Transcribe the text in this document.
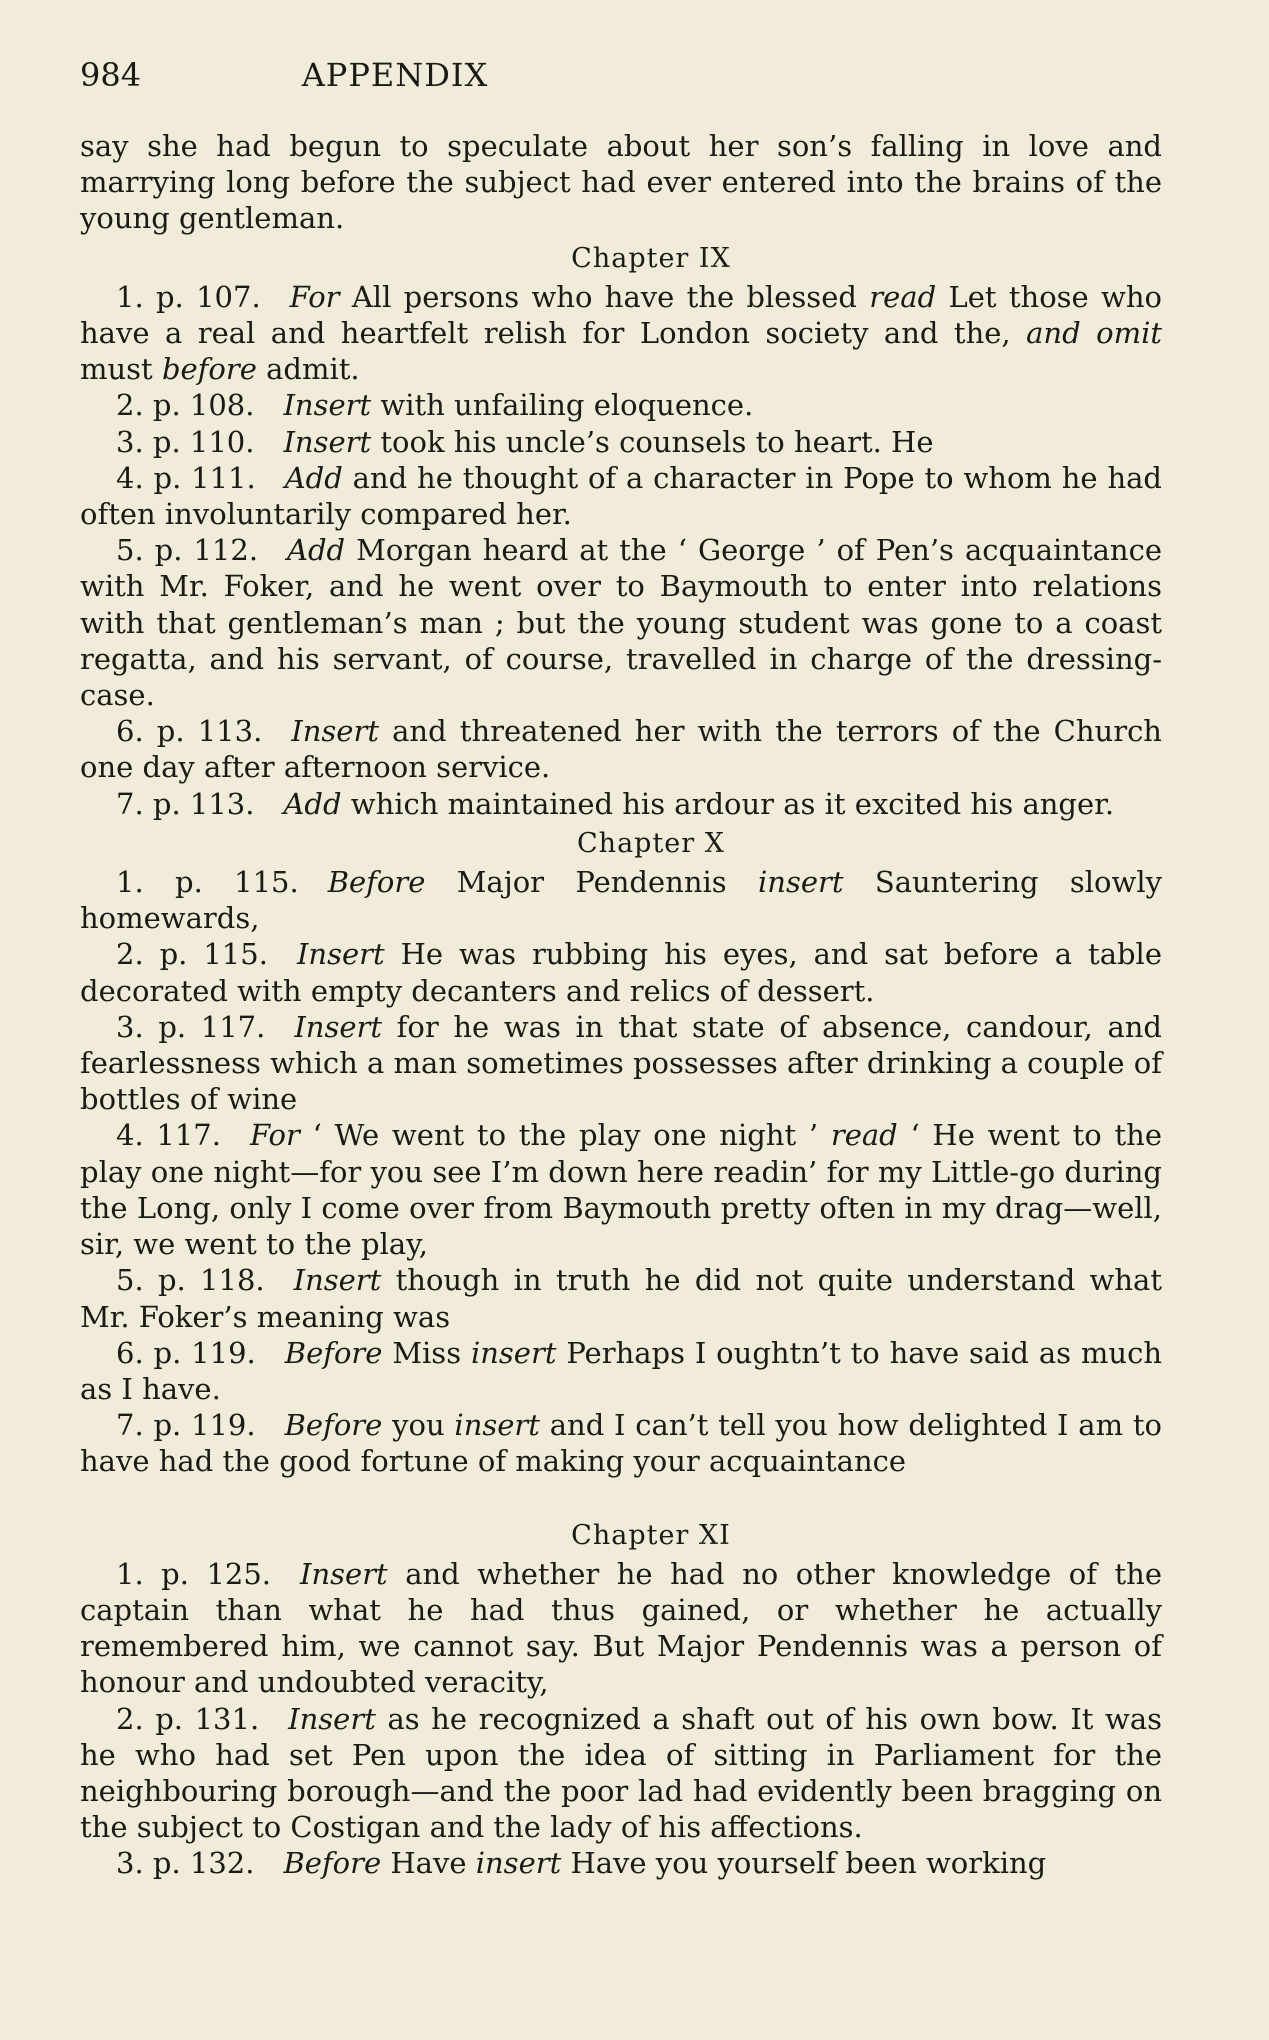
984	APPENDIX

say she had begun to speculate about her son’s falling in love and marrying long before the subject had ever entered into the brains of the young gentleman.

Chapter IX

1. p. 107. For All persons who have the blessed read Let those who have a real and heartfelt relish for London society and the, and omit must before admit.

2. p. 108. Insert with unfailing eloquence.

3. p. 110. Insert took his uncle’s counsels to heart. He

4. p. 111. Add and he thought of a character in Pope to whom he had often involuntarily compared her.

5. p. 112. Add Morgan heard at the ‘ George ’ of Pen’s acquaintance with Mr. Foker, and he went over to Baymouth to enter into relations with that gentleman’s man ; but the young student was gone to a coast regatta, and his servant, of course, travelled in charge of the dressing-case.

6. p. 113. Insert and threatened her with the terrors of the Church one day after afternoon service.

7. p. 113. Add which maintained his ardour as it excited his anger.

Chapter X

1. p. 115. Before Major Pendennis insert Sauntering slowly homewards,

2. p. 115. Insert He was rubbing his eyes, and sat before a table decorated with empty decanters and relics of dessert.

3. p. 117. Insert for he was in that state of absence, candour, and fearlessness which a man sometimes possesses after drinking a couple of bottles of wine

4. 117. For ‘ We went to the play one night ’ read ‘ He went to the play one night—for you see I’m down here readin’ for my Little-go during the Long, only I come over from Baymouth pretty often in my drag—well, sir, we went to the play,

5. p. 118. Insert though in truth he did not quite understand what Mr. Foker’s meaning was

6. p. 119. Before Miss insert Perhaps I oughtn’t to have said as much as I have.

7. p. 119. Before you insert and I can’t tell you how delighted I am to have had the good fortune of making your acquaintance

Chapter XI

1. p. 125. Insert and whether he had no other knowledge of the captain than what he had thus gained, or whether he actually remembered him, we cannot say. But Major Pendennis was a person of honour and undoubted veracity,

2. p. 131. Insert as he recognized a shaft out of his own bow. It was he who had set Pen upon the idea of sitting in Parliament for the neighbouring borough—and the poor lad had evidently been bragging on the subject to Costigan and the lady of his affections.

3. p. 132. Before Have insert Have you yourself been working
